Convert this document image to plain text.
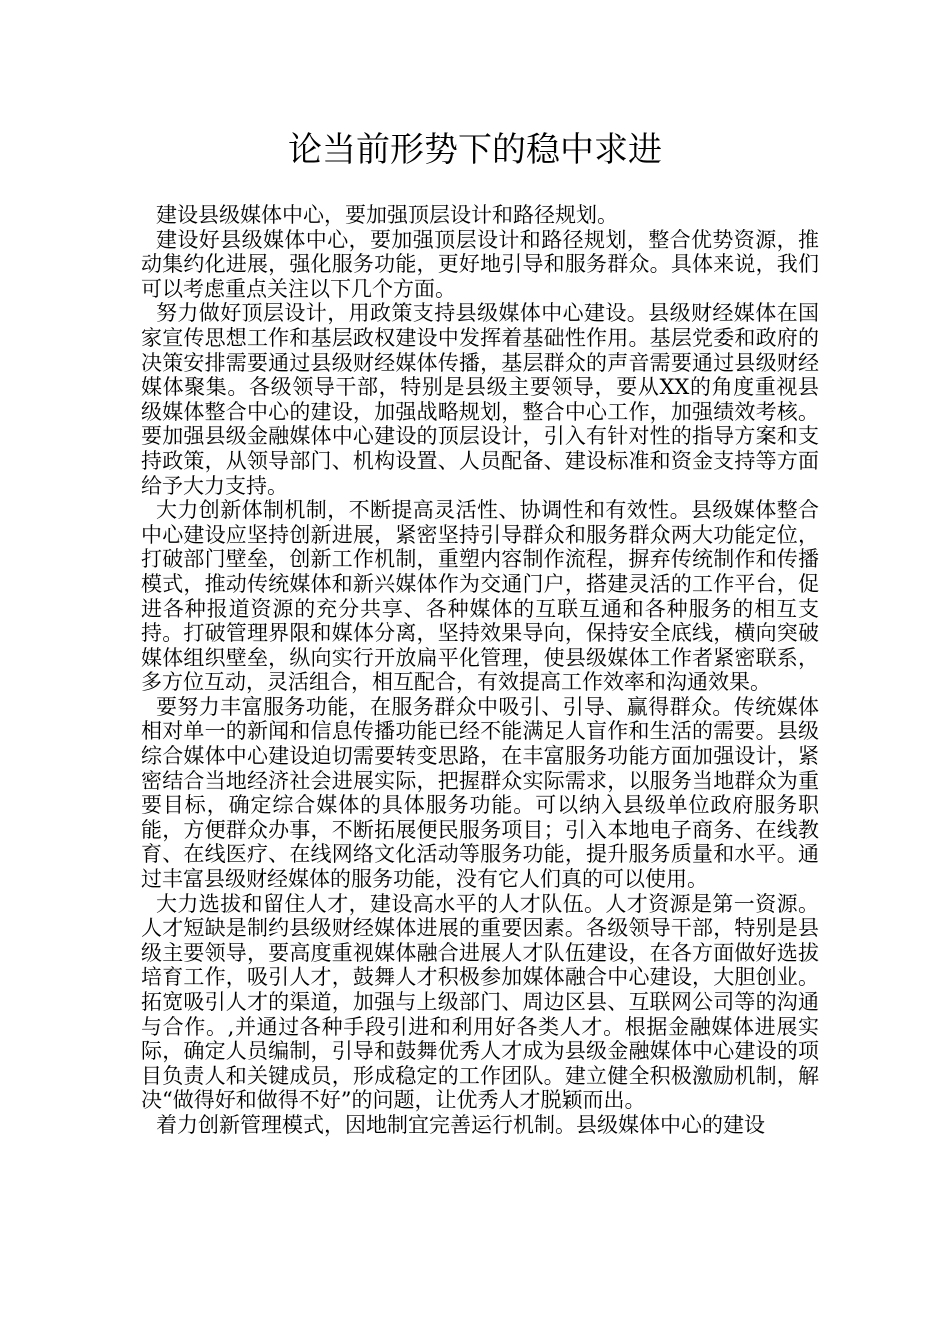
论当前形势下的稳中求进

建设县级媒体中心，要加强顶层设计和路径规划。

建设好县级媒体中心，要加强顶层设计和路径规划，整合优势资源，推动集约化进展，强化服务功能，更好地引导和服务群众。具体来说，我们可以考虑重点关注以下几个方面。

努力做好顶层设计，用政策支持县级媒体中心建设。县级财经媒体在国家宣传思想工作和基层政权建设中发挥着基础性作用。基层党委和政府的决策安排需要通过县级财经媒体传播，基层群众的声音需要通过县级财经媒体聚集。各级领导干部，特别是县级主要领导，要从XX的角度重视县级媒体整合中心的建设，加强战略规划，整合中心工作，加强绩效考核。要加强县级金融媒体中心建设的顶层设计，引入有针对性的指导方案和支持政策，从领导部门、机构设置、人员配备、建设标准和资金支持等方面给予大力支持。

大力创新体制机制，不断提高灵活性、协调性和有效性。县级媒体整合中心建设应坚持创新进展，紧密坚持引导群众和服务群众两大功能定位，打破部门壁垒，创新工作机制，重塑内容制作流程，摒弃传统制作和传播模式，推动传统媒体和新兴媒体作为交通门户，搭建灵活的工作平台，促进各种报道资源的充分共享、各种媒体的互联互通和各种服务的相互支持。打破管理界限和媒体分离，坚持效果导向，保持安全底线，横向突破媒体组织壁垒，纵向实行开放扁平化管理，使县级媒体工作者紧密联系，多方位互动，灵活组合，相互配合，有效提高工作效率和沟通效果。

要努力丰富服务功能，在服务群众中吸引、引导、赢得群众。传统媒体相对单一的新闻和信息传播功能已经不能满足人盲作和生活的需要。县级综合媒体中心建设迫切需要转变思路，在丰富服务功能方面加强设计，紧密结合当地经济社会进展实际，把握群众实际需求，以服务当地群众为重要目标，确定综合媒体的具体服务功能。可以纳入县级单位政府服务职能，方便群众办事，不断拓展便民服务项目；引入本地电子商务、在线教育、在线医疗、在线网络文化活动等服务功能，提升服务质量和水平。通过丰富县级财经媒体的服务功能，没有它人们真的可以使用。

大力选拔和留住人才，建设高水平的人才队伍。人才资源是第一资源。人才短缺是制约县级财经媒体进展的重要因素。各级领导干部，特别是县级主要领导，要高度重视媒体融合进展人才队伍建设，在各方面做好选拔培育工作，吸引人才，鼓舞人才积极参加媒体融合中心建设，大胆创业。拓宽吸引人才的渠道，加强与上级部门、周边区县、互联网公司等的沟通与合作。,并通过各种手段引进和利用好各类人才。根据金融媒体进展实际，确定人员编制，引导和鼓舞优秀人才成为县级金融媒体中心建设的项目负责人和关键成员，形成稳定的工作团队。建立健全积极激励机制，解决“做得好和做得不好”的问题，让优秀人才脱颖而出。

着力创新管理模式，因地制宜完善运行机制。县级媒体中心的建设
